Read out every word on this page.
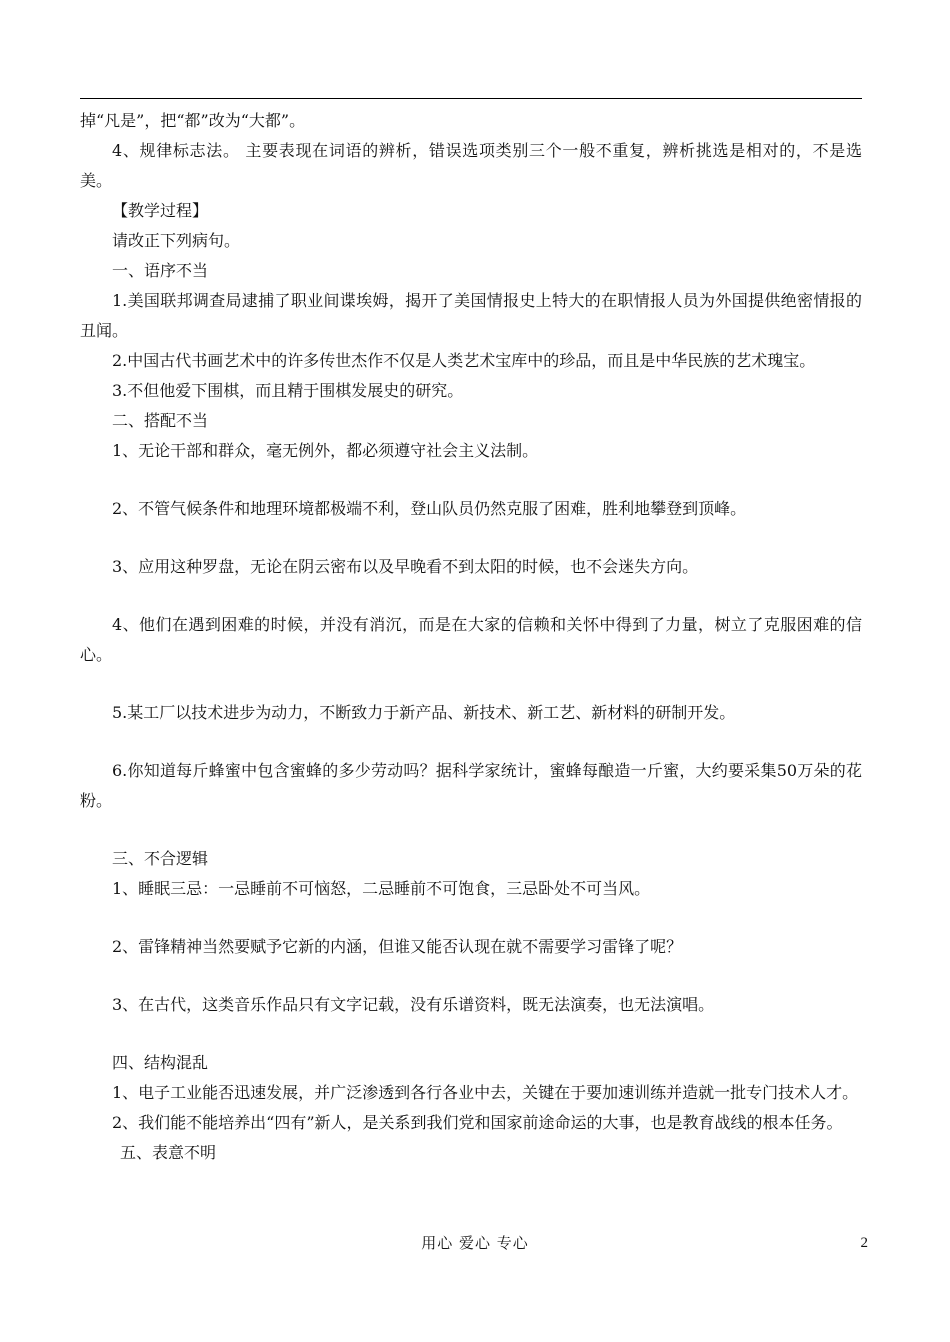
掉“凡是”，把“都”改为“大都”。

4、规律标志法。 主要表现在词语的辨析，错误选项类别三个一般不重复，辨析挑选是相对的，不是选美。

【教学过程】

请改正下列病句。

一、语序不当

1.美国联邦调查局逮捕了职业间谍埃姆，揭开了美国情报史上特大的在职情报人员为外国提供绝密情报的丑闻。

2.中国古代书画艺术中的许多传世杰作不仅是人类艺术宝库中的珍品，而且是中华民族的艺术瑰宝。

3.不但他爱下围棋，而且精于围棋发展史的研究。

二、搭配不当

1、无论干部和群众，毫无例外，都必须遵守社会主义法制。

2、不管气候条件和地理环境都极端不利，登山队员仍然克服了困难，胜利地攀登到顶峰。

3、应用这种罗盘，无论在阴云密布以及早晚看不到太阳的时候，也不会迷失方向。

4、他们在遇到困难的时候，并没有消沉，而是在大家的信赖和关怀中得到了力量，树立了克服困难的信心。

5.某工厂以技术进步为动力，不断致力于新产品、新技术、新工艺、新材料的研制开发。

6.你知道每斤蜂蜜中包含蜜蜂的多少劳动吗？据科学家统计，蜜蜂每酿造一斤蜜，大约要采集50万朵的花粉。

三、不合逻辑

1、睡眠三忌：一忌睡前不可恼怒，二忌睡前不可饱食，三忌卧处不可当风。

2、雷锋精神当然要赋予它新的内涵，但谁又能否认现在就不需要学习雷锋了呢？

3、在古代，这类音乐作品只有文字记载，没有乐谱资料，既无法演奏，也无法演唱。

四、结构混乱

1、电子工业能否迅速发展，并广泛渗透到各行各业中去，关键在于要加速训练并造就一批专门技术人才。

2、我们能不能培养出“四有”新人，是关系到我们党和国家前途命运的大事，也是教育战线的根本任务。

五、表意不明

用心 爱心 专心	2
